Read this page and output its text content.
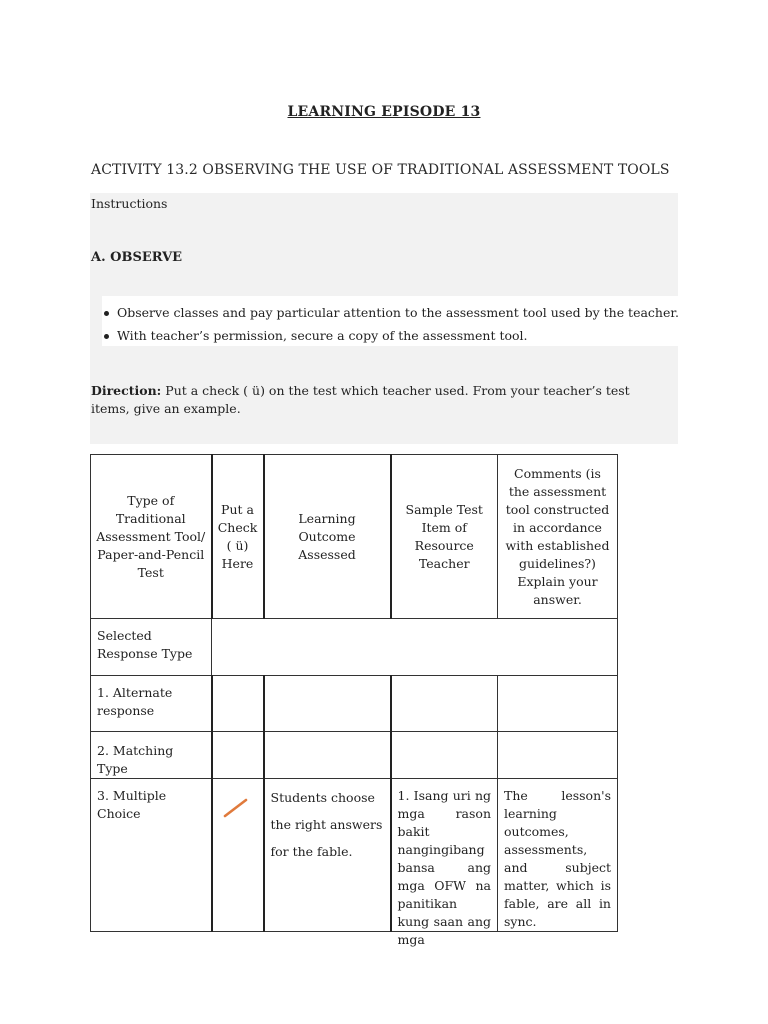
LEARNING EPISODE 13
ACTIVITY 13.2 OBSERVING THE USE OF TRADITIONAL ASSESSMENT TOOLS
Instructions
A. OBSERVE
Observe classes and pay particular attention to the assessment tool used by the teacher.
With teacher’s permission, secure a copy of the assessment tool.
Direction: Put a check ( ü) on the test which teacher used. From your teacher’s test items, give an example.
Type of Traditional Assessment Tool/ Paper-and-Pencil Test	Put a Check ( ü) Here	Learning Outcome Assessed	Sample Test Item of Resource Teacher	Comments (is the assessment tool constructed in accordance with established guidelines?) Explain your answer.
Selected Response Type				
1. Alternate response				
2. Matching Type				
3. Multiple Choice		Students choose the right answers for the fable.	1. Isang uri ng mga rason bakit nangingibang bansa ang mga OFW na panitikan kung saan ang mga	The lesson's learning outcomes, assessments, and subject matter, which is fable, are all in sync.
